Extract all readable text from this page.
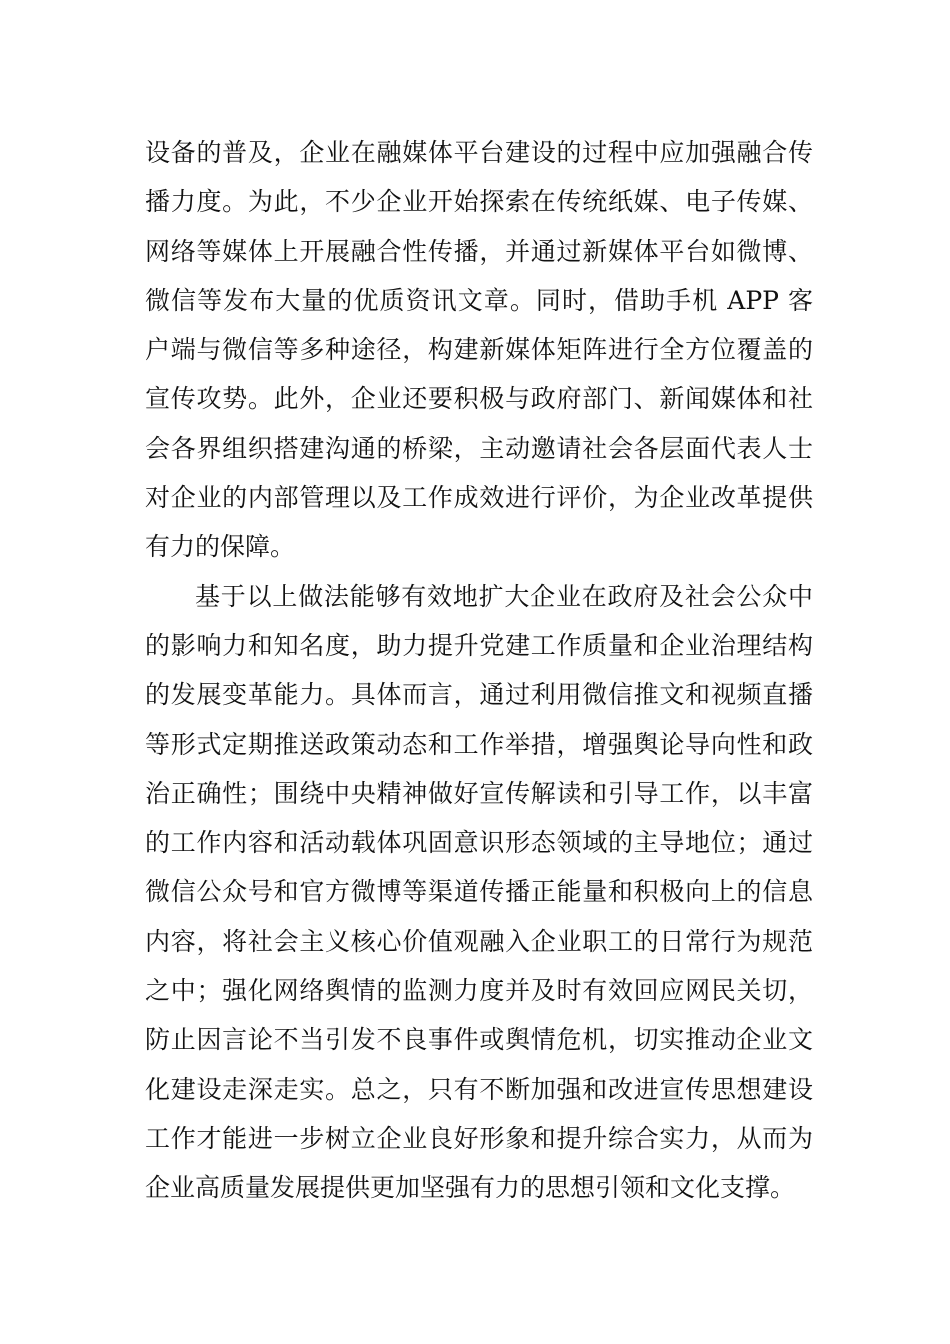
设备的普及，企业在融媒体平台建设的过程中应加强融合传
播力度。为此，不少企业开始探索在传统纸媒、电子传媒、
网络等媒体上开展融合性传播，并通过新媒体平台如微博、
微信等发布大量的优质资讯文章。同时，借助手机 APP 客
户端与微信等多种途径，构建新媒体矩阵进行全方位覆盖的
宣传攻势。此外，企业还要积极与政府部门、新闻媒体和社
会各界组织搭建沟通的桥梁，主动邀请社会各层面代表人士
对企业的内部管理以及工作成效进行评价，为企业改革提供
有力的保障。
基于以上做法能够有效地扩大企业在政府及社会公众中
的影响力和知名度，助力提升党建工作质量和企业治理结构
的发展变革能力。具体而言，通过利用微信推文和视频直播
等形式定期推送政策动态和工作举措，增强舆论导向性和政
治正确性；围绕中央精神做好宣传解读和引导工作，以丰富
的工作内容和活动载体巩固意识形态领域的主导地位；通过
微信公众号和官方微博等渠道传播正能量和积极向上的信息
内容，将社会主义核心价值观融入企业职工的日常行为规范
之中；强化网络舆情的监测力度并及时有效回应网民关切，
防止因言论不当引发不良事件或舆情危机，切实推动企业文
化建设走深走实。总之，只有不断加强和改进宣传思想建设
工作才能进一步树立企业良好形象和提升综合实力，从而为
企业高质量发展提供更加坚强有力的思想引领和文化支撑。
